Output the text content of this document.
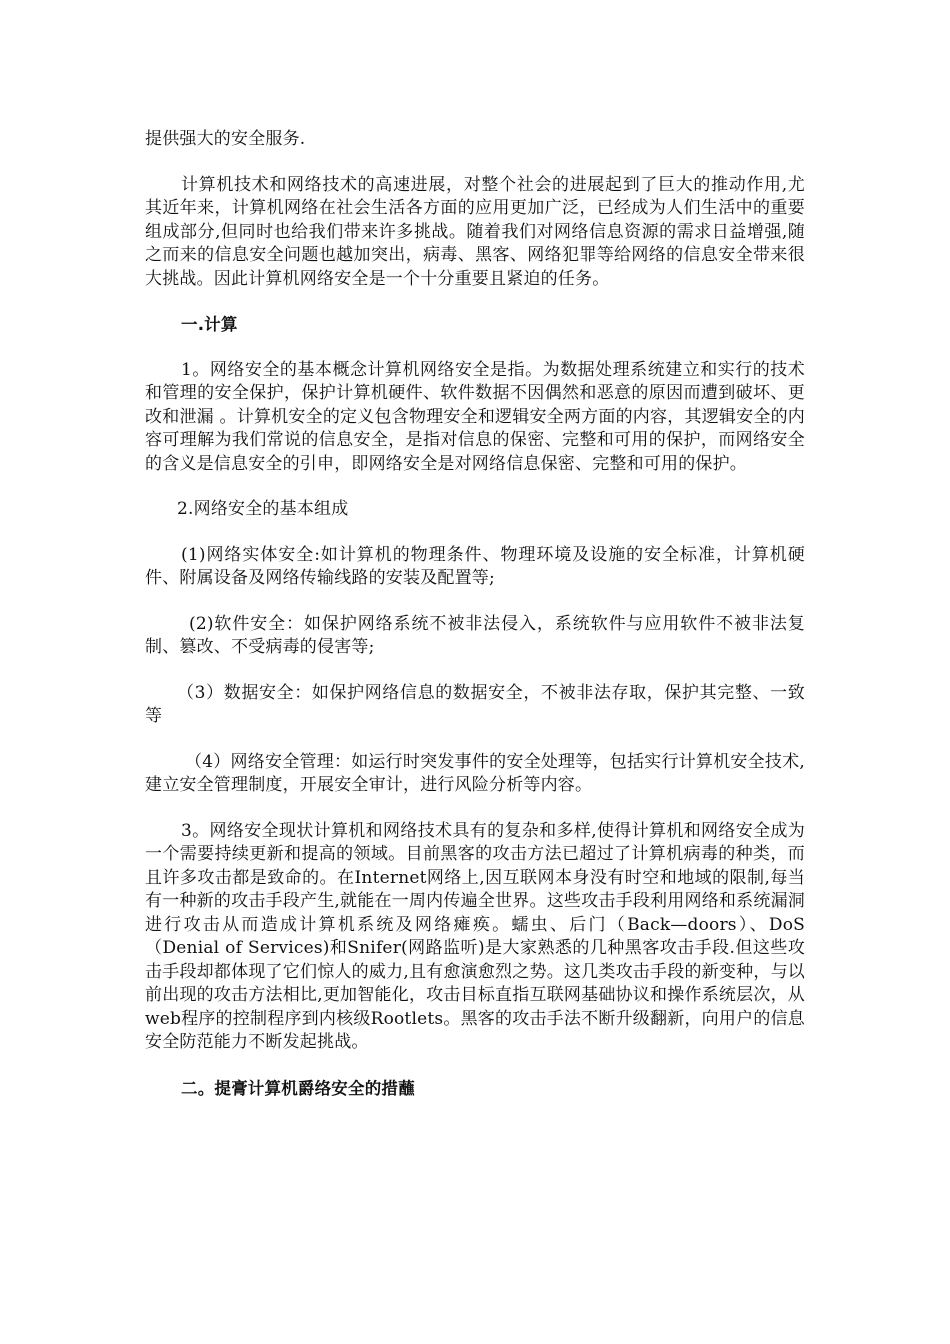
提供强大的安全服务.

计算机技术和网络技术的高速进展，对整个社会的进展起到了巨大的推动作用,尤其近年来，计算机网络在社会生活各方面的应用更加广泛，已经成为人们生活中的重要组成部分,但同时也给我们带来许多挑战。随着我们对网络信息资源的需求日益增强,随之而来的信息安全问题也越加突出，病毒、黑客、网络犯罪等给网络的信息安全带来很大挑战。因此计算机网络安全是一个十分重要且紧迫的任务。

一.计算

1。网络安全的基本概念计算机网络安全是指。为数据处理系统建立和实行的技术和管理的安全保护，保护计算机硬件、软件数据不因偶然和恶意的原因而遭到破坏、更改和泄漏 。计算机安全的定义包含物理安全和逻辑安全两方面的内容，其逻辑安全的内容可理解为我们常说的信息安全，是指对信息的保密、完整和可用的保护，而网络安全的含义是信息安全的引申，即网络安全是对网络信息保密、完整和可用的保护。

2.网络安全的基本组成

(1)网络实体安全:如计算机的物理条件、物理环境及设施的安全标准，计算机硬件、附属设备及网络传输线路的安装及配置等;

(2)软件安全：如保护网络系统不被非法侵入，系统软件与应用软件不被非法复制、篡改、不受病毒的侵害等;

（3）数据安全：如保护网络信息的数据安全，不被非法存取，保护其完整、一致等

（4）网络安全管理：如运行时突发事件的安全处理等，包括实行计算机安全技术,建立安全管理制度，开展安全审计，进行风险分析等内容。

3。网络安全现状计算机和网络技术具有的复杂和多样,使得计算机和网络安全成为一个需要持续更新和提高的领域。目前黑客的攻击方法已超过了计算机病毒的种类，而且许多攻击都是致命的。在Internet网络上,因互联网本身没有时空和地域的限制,每当有一种新的攻击手段产生,就能在一周内传遍全世界。这些攻击手段利用网络和系统漏洞进行攻击从而造成计算机系统及网络瘫痪。蠕虫、后门（Back—doors）、DoS（Denial of Services)和Snifer(网路监听)是大家熟悉的几种黑客攻击手段.但这些攻击手段却都体现了它们惊人的威力,且有愈演愈烈之势。这几类攻击手段的新变种，与以前出现的攻击方法相比,更加智能化，攻击目标直指互联网基础协议和操作系统层次，从web程序的控制程序到内核级Rootlets。黑客的攻击手法不断升级翻新，向用户的信息安全防范能力不断发起挑战。

二。提膏计算机爵络安全的措蘸
